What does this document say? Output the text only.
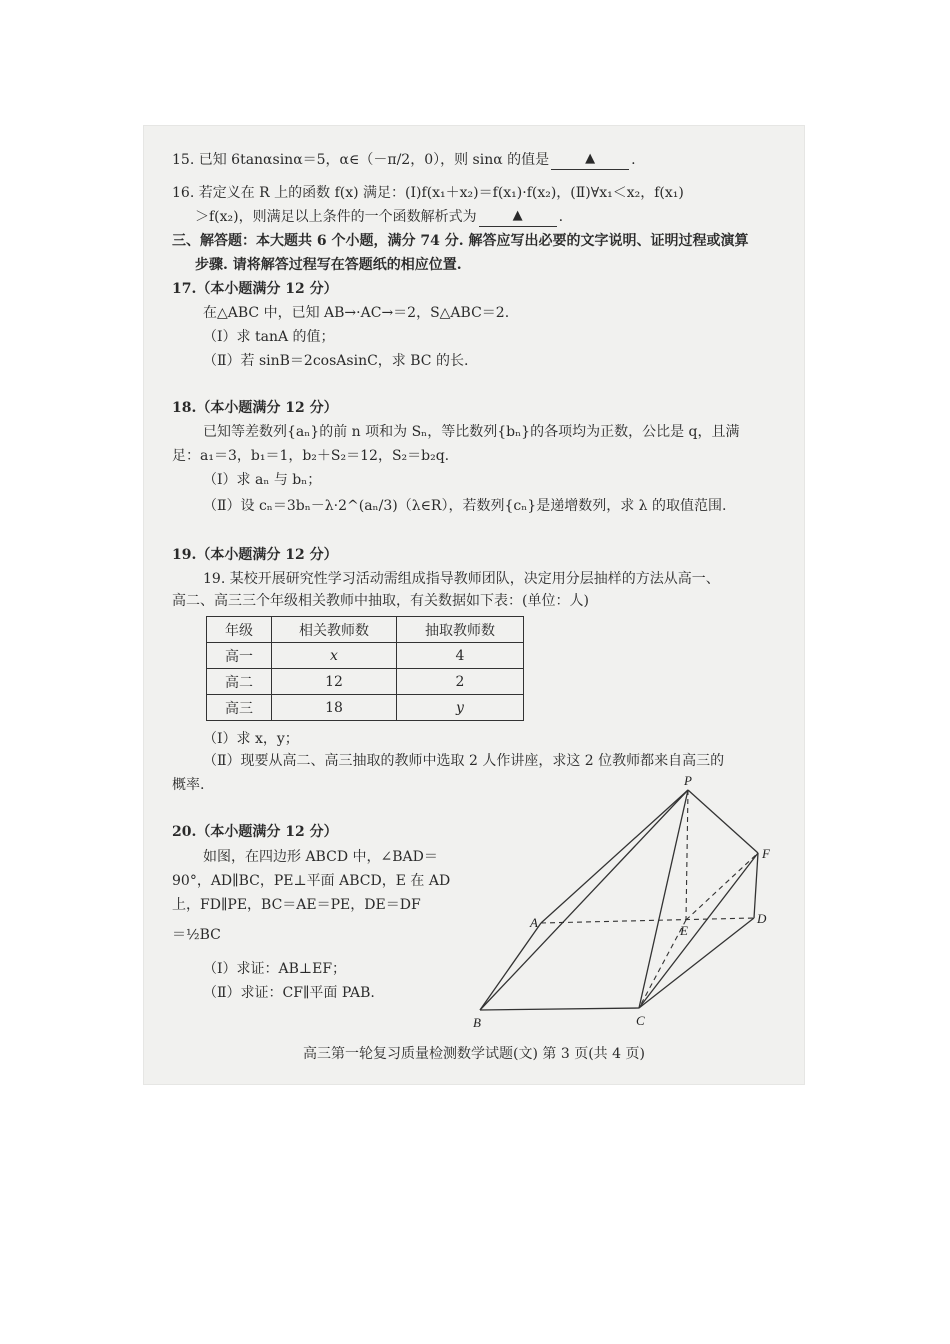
15. 已知 6tanαsinα＝5，α∈（－π/2，0），则 sinα 的值是	▲	.
16. 若定义在 R 上的函数 f(x) 满足：(Ⅰ)f(x₁＋x₂)＝f(x₁)·f(x₂)，(Ⅱ)∀x₁＜x₂，f(x₁)
＞f(x₂)，则满足以上条件的一个函数解析式为	▲	.
三、解答题：本大题共 6 个小题，满分 74 分. 解答应写出必要的文字说明、证明过程或演算
步骤. 请将解答过程写在答题纸的相应位置.
17.（本小题满分 12 分）
在△ABC 中，已知 AB→·AC→＝2，S△ABC＝2.
（Ⅰ）求 tanA 的值；
（Ⅱ）若 sinB＝2cosAsinC，求 BC 的长.
18.（本小题满分 12 分）
已知等差数列{aₙ}的前 n 项和为 Sₙ，等比数列{bₙ}的各项均为正数，公比是 q，且满
足：a₁＝3，b₁＝1，b₂＋S₂＝12，S₂＝b₂q.
（Ⅰ）求 aₙ 与 bₙ；
（Ⅱ）设 cₙ＝3bₙ－λ·2^(aₙ/3)（λ∈R），若数列{cₙ}是递增数列，求 λ 的取值范围.
19.（本小题满分 12 分）
19. 某校开展研究性学习活动需组成指导教师团队，决定用分层抽样的方法从高一、
高二、高三三个年级相关教师中抽取，有关数据如下表：(单位：人)
年级	相关教师数	抽取教师数
高一	x	4
高二	12	2
高三	18	y
（Ⅰ）求 x，y；
（Ⅱ）现要从高二、高三抽取的教师中选取 2 人作讲座，求这 2 位教师都来自高三的
概率.
20.（本小题满分 12 分）
如图，在四边形 ABCD 中，∠BAD＝
90°，AD∥BC，PE⊥平面 ABCD，E 在 AD
上，FD∥PE，BC＝AE＝PE，DE＝DF
＝½BC
（Ⅰ）求证：AB⊥EF；
（Ⅱ）求证：CF∥平面 PAB.
P
F
A
E
D
B	C
高三第一轮复习质量检测数学试题(文) 第 3 页(共 4 页)
